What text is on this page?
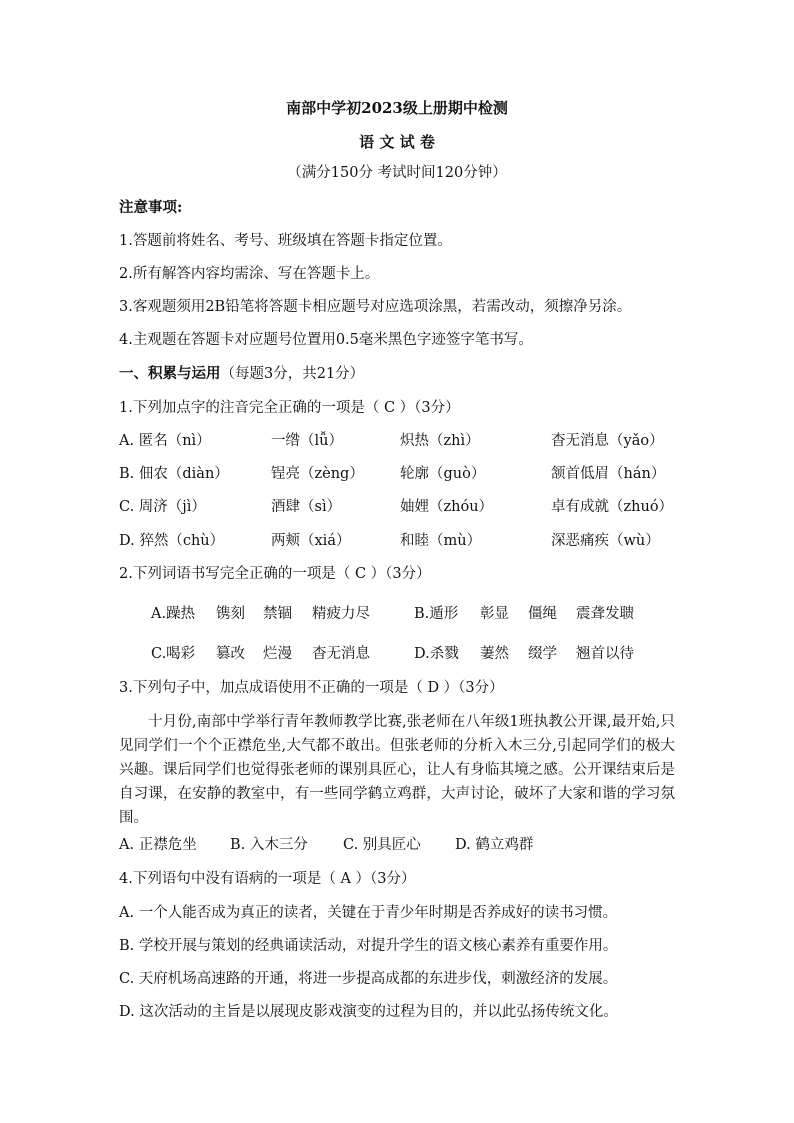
南部中学初2023级上册期中检测
语 文 试 卷
（满分150分 考试时间120分钟）
注意事项:
1.答题前将姓名、考号、班级填在答题卡指定位置。
2.所有解答内容均需涂、写在答题卡上。
3.客观题须用2B铅笔将答题卡相应题号对应选项涂黑，若需改动，须擦净另涂。
4.主观题在答题卡对应题号位置用0.5毫米黑色字迹签字笔书写。
一、积累与运用（每题3分，共21分）
1.下列加点字的注音完全正确的一项是（ C ）（3分）
A. 匿名（nì）	一绺（lǚ）	炽热（zhì）	杳无消息（yǎo）
B. 佃农（diàn）	锃亮（zèng） 轮廓（guò）	颔首低眉（hán）
C. 周济（jì）	酒肆（sì）	妯娌（zhóu）	卓有成就（zhuó）
D. 猝然（chù）	两颊（xiá）	和睦（mù）	深恶痛疾（wù）
2.下列词语书写完全正确的一项是（ C ）（3分）
A.躁热 镌刻 禁锢 精疲力尽	B.遁形 彰显 僵绳 震聋发聩
C.喝彩 篡改 烂漫 杳无消息	D.杀戮 萋然 缀学 翘首以待
3.下列句子中，加点成语使用不正确的一项是（ D ）（3分）
十月份,南部中学举行青年教师教学比赛,张老师在八年级1班执教公开课,最开始,只见同学们一个个正襟危坐,大气都不敢出。但张老师的分析入木三分,引起同学们的极大兴趣。课后同学们也觉得张老师的课别具匠心，让人有身临其境之感。公开课结束后是自习课，在安静的教室中，有一些同学鹤立鸡群，大声讨论，破坏了大家和谐的学习氛围。
A. 正襟危坐 B. 入木三分 C. 别具匠心 D. 鹤立鸡群
4.下列语句中没有语病的一项是（ A ）（3分）
A. 一个人能否成为真正的读者，关键在于青少年时期是否养成好的读书习惯。
B. 学校开展与策划的经典诵读活动，对提升学生的语文核心素养有重要作用。
C. 天府机场高速路的开通，将进一步提高成都的东进步伐，刺激经济的发展。
D. 这次活动的主旨是以展现皮影戏演变的过程为目的，并以此弘扬传统文化。
